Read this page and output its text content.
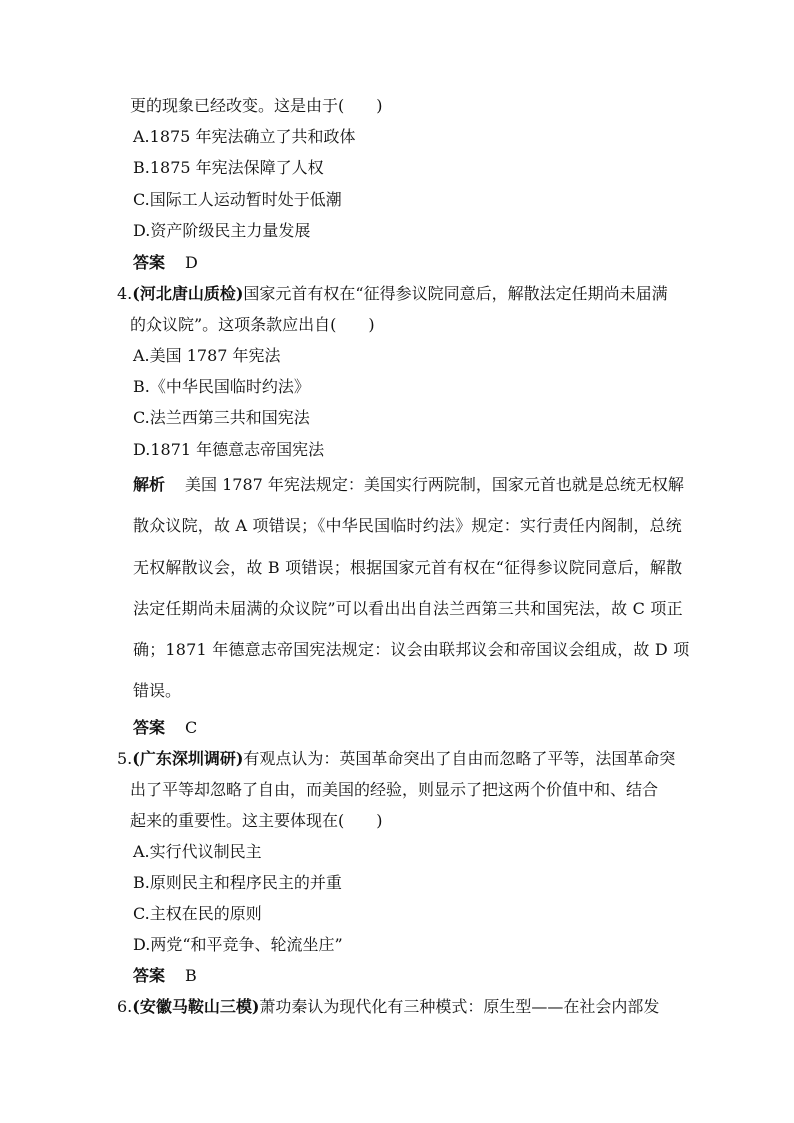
更的现象已经改变。这是由于(　　)
A.1875 年宪法确立了共和政体
B.1875 年宪法保障了人权
C.国际工人运动暂时处于低潮
D.资产阶级民主力量发展
答案 D
4.(河北唐山质检)国家元首有权在“征得参议院同意后，解散法定任期尚未届满
的众议院”。这项条款应出自(　　)
A.美国 1787 年宪法
B.《中华民国临时约法》
C.法兰西第三共和国宪法
D.1871 年德意志帝国宪法
解析 美国 1787 年宪法规定：美国实行两院制，国家元首也就是总统无权解
散众议院，故 A 项错误；《中华民国临时约法》规定：实行责任内阁制，总统
无权解散议会，故 B 项错误；根据国家元首有权在“征得参议院同意后，解散
法定任期尚未届满的众议院”可以看出出自法兰西第三共和国宪法，故 C 项正
确；1871 年德意志帝国宪法规定：议会由联邦议会和帝国议会组成，故 D 项
错误。
答案 C
5.(广东深圳调研)有观点认为：英国革命突出了自由而忽略了平等，法国革命突
出了平等却忽略了自由，而美国的经验，则显示了把这两个价值中和、结合
起来的重要性。这主要体现在(　　)
A.实行代议制民主
B.原则民主和程序民主的并重
C.主权在民的原则
D.两党“和平竞争、轮流坐庄”
答案 B
6.(安徽马鞍山三模)萧功秦认为现代化有三种模式：原生型——在社会内部发
